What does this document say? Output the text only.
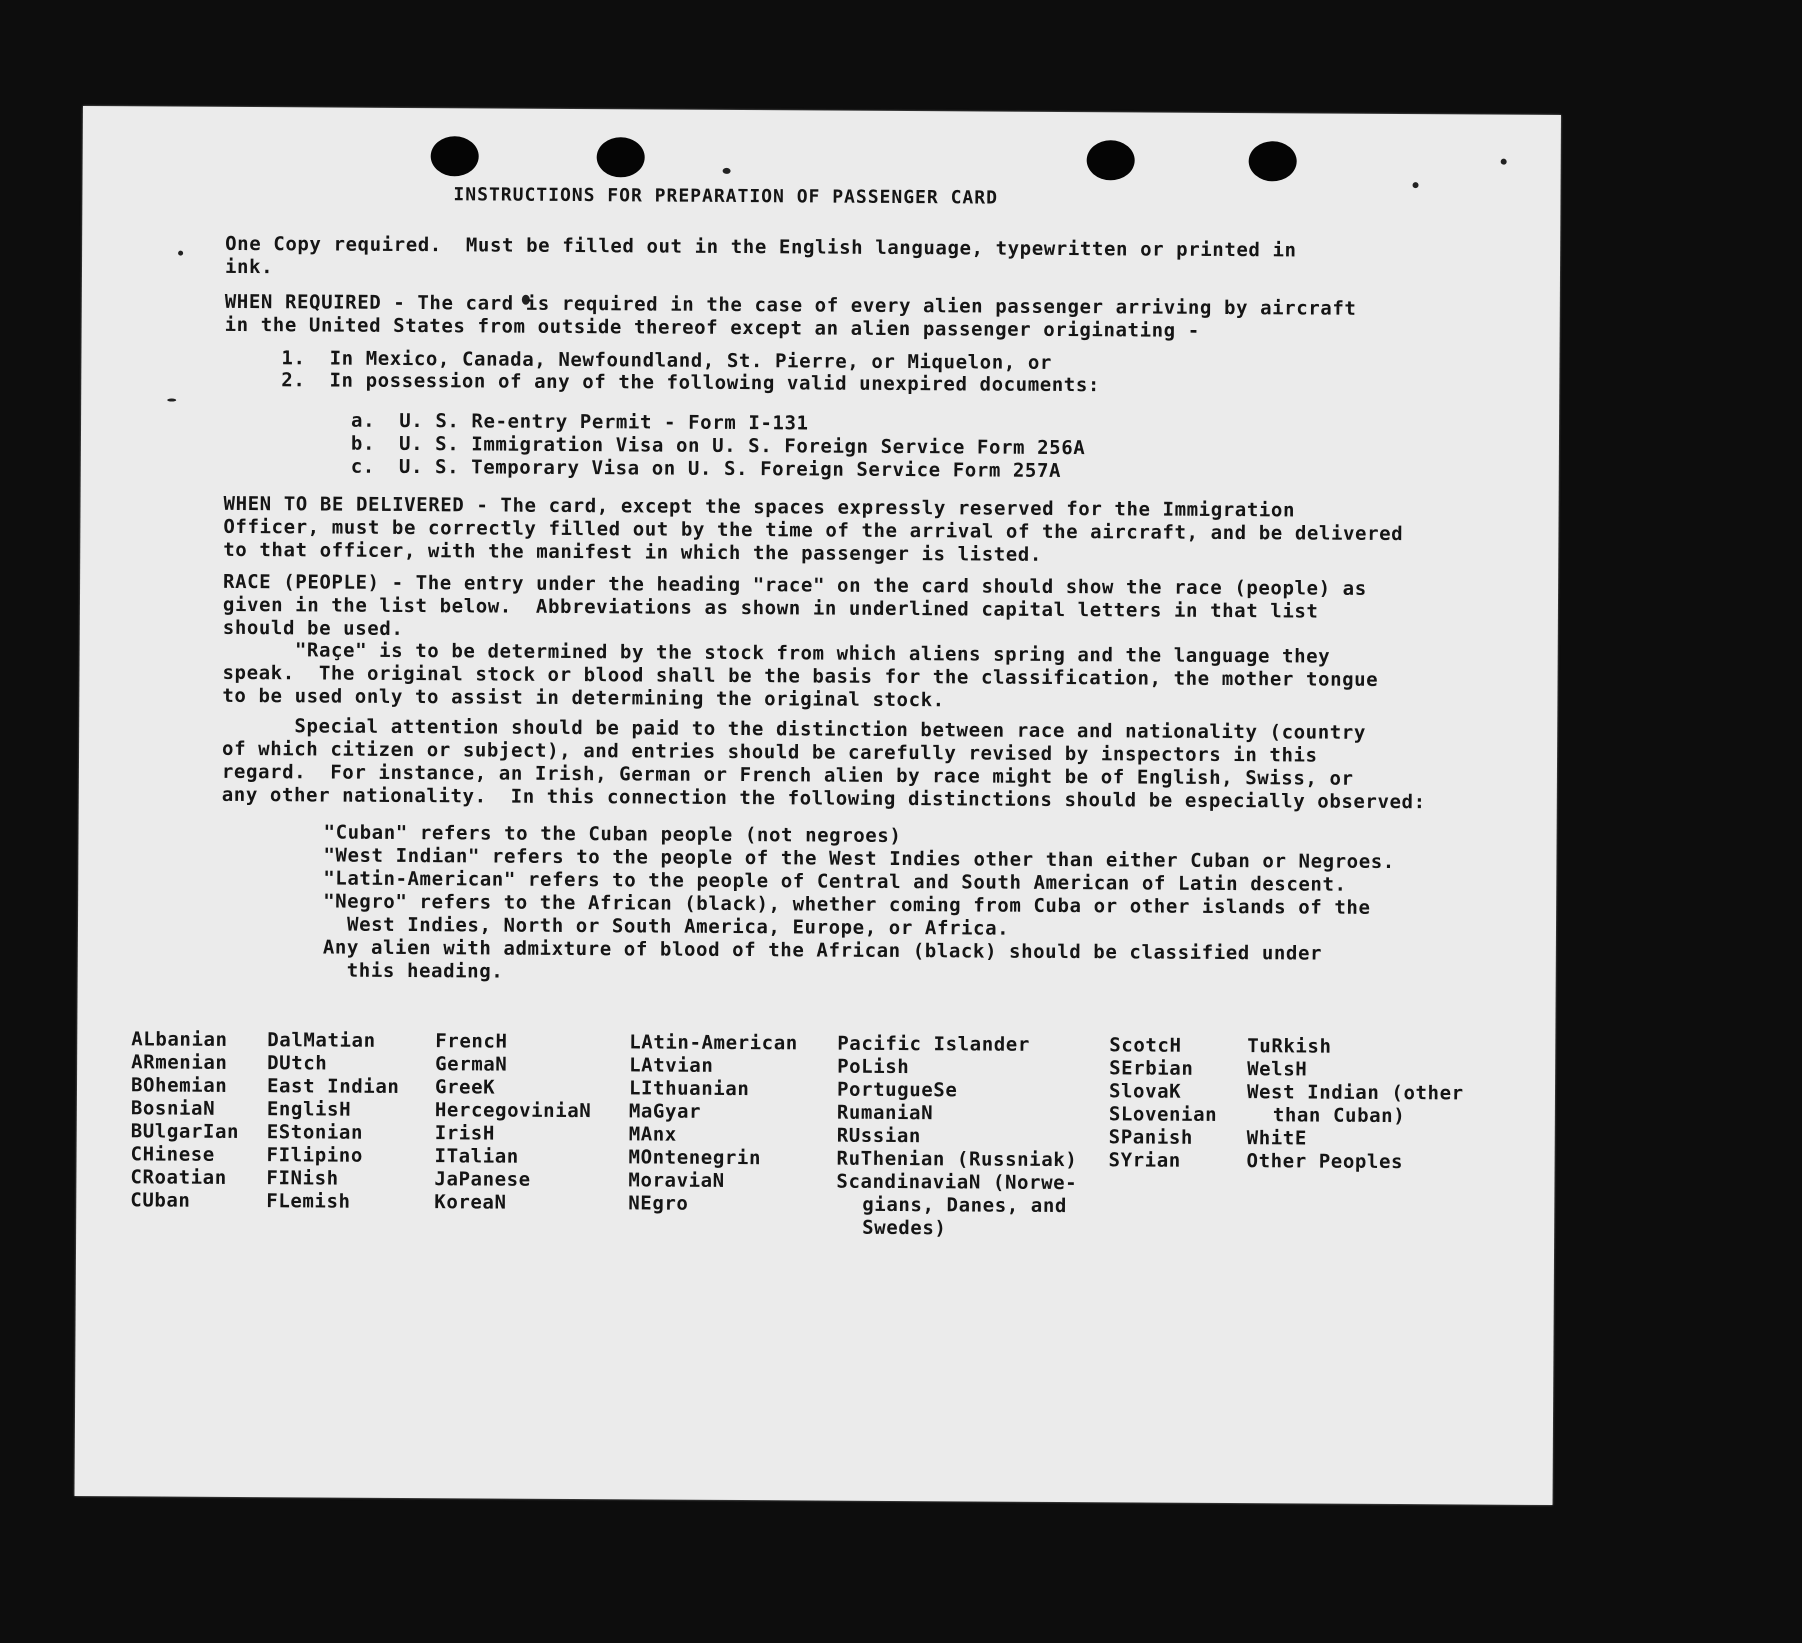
INSTRUCTIONS FOR PREPARATION OF PASSENGER CARD
One Copy required.  Must be filled out in the English language, typewritten or printed in
ink.
WHEN REQUIRED - The card is required in the case of every alien passenger arriving by aircraft
in the United States from outside thereof except an alien passenger originating -
1.  In Mexico, Canada, Newfoundland, St. Pierre, or Miquelon, or
2.  In possession of any of the following valid unexpired documents:
a.  U. S. Re-entry Permit - Form I-131
b.  U. S. Immigration Visa on U. S. Foreign Service Form 256A
c.  U. S. Temporary Visa on U. S. Foreign Service Form 257A
WHEN TO BE DELIVERED - The card, except the spaces expressly reserved for the Immigration
Officer, must be correctly filled out by the time of the arrival of the aircraft, and be delivered
to that officer, with the manifest in which the passenger is listed.
RACE (PEOPLE) - The entry under the heading "race" on the card should show the race (people) as
given in the list below.  Abbreviations as shown in underlined capital letters in that list
should be used.
"Raçe" is to be determined by the stock from which aliens spring and the language they
speak.  The original stock or blood shall be the basis for the classification, the mother tongue
to be used only to assist in determining the original stock.
Special attention should be paid to the distinction between race and nationality (country
of which citizen or subject), and entries should be carefully revised by inspectors in this
regard.  For instance, an Irish, German or French alien by race might be of English, Swiss, or
any other nationality.  In this connection the following distinctions should be especially observed:
"Cuban" refers to the Cuban people (not negroes)
"West Indian" refers to the people of the West Indies other than either Cuban or Negroes.
"Latin-American" refers to the people of Central and South American of Latin descent.
"Negro" refers to the African (black), whether coming from Cuba or other islands of the
West Indies, North or South America, Europe, or Africa.
Any alien with admixture of blood of the African (black) should be classified under
this heading.
ALbanian
ARmenian
BOhemian
BosniaN
BUlgarIan
CHinese
CRoatian
CUban
DalMatian
DUtch
East Indian
EnglisH
EStonian
FIlipino
FINish
FLemish
FrencH
GermaN
GreeK
HercegoviniaN
IrisH
ITalian
JaPanese
KoreaN
LAtin-American
LAtvian
LIthuanian
MaGyar
MAnx
MOntenegrin
MoraviaN
NEgro
Pacific Islander
PoLish
PortugueSe
RumaniaN
RUssian
RuThenian (Russniak)
ScandinaviaN (Norwe-
gians, Danes, and
Swedes)
ScotcH
SErbian
SlovaK
SLovenian
SPanish
SYrian
TuRkish
WelsH
West Indian (other
than Cuban)
WhitE
Other Peoples
